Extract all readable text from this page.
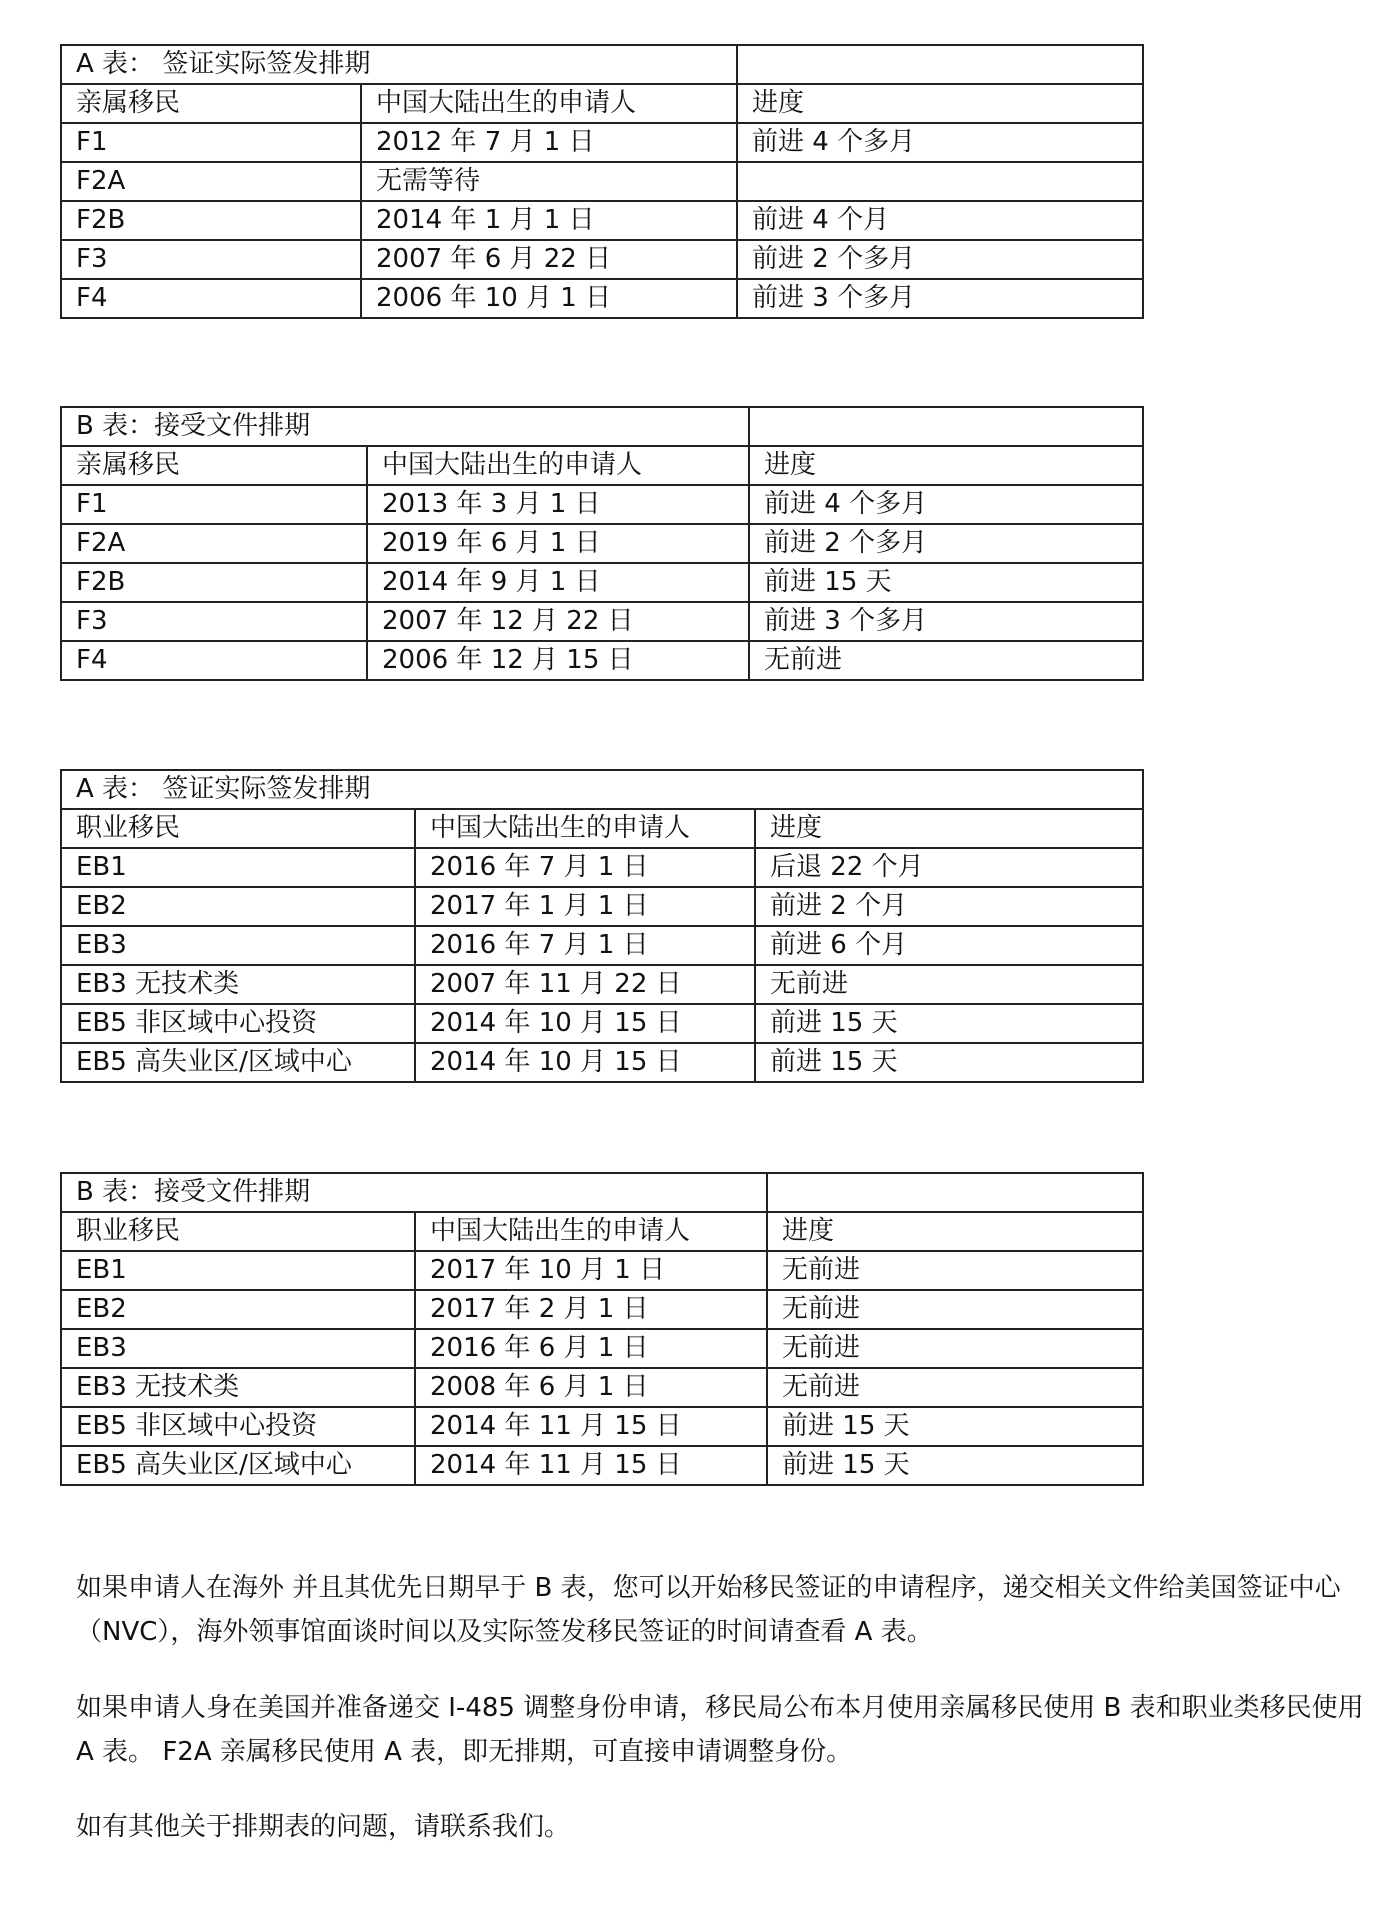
A 表： 签证实际签发排期		
亲属移民	中国大陆出生的申请人	进度
F1	2012 年 7 月 1 日	前进 4 个多月
F2A	无需等待	
F2B	2014 年 1 月 1 日	前进 4 个月
F3	2007 年 6 月 22 日	前进 2 个多月
F4	2006 年 10 月 1 日	前进 3 个多月
B 表：接受文件排期		
亲属移民	中国大陆出生的申请人	进度
F1	2013 年 3 月 1 日	前进 4 个多月
F2A	2019 年 6 月 1 日	前进 2 个多月
F2B	2014 年 9 月 1 日	前进 15 天
F3	2007 年 12 月 22 日	前进 3 个多月
F4	2006 年 12 月 15 日	无前进
A 表： 签证实际签发排期		
职业移民	中国大陆出生的申请人	进度
EB1	2016 年 7 月 1 日	后退 22 个月
EB2	2017 年 1 月 1 日	前进 2 个月
EB3	2016 年 7 月 1 日	前进 6 个月
EB3 无技术类	2007 年 11 月 22 日	无前进
EB5 非区域中心投资	2014 年 10 月 15 日	前进 15 天
EB5 高失业区/区域中心	2014 年 10 月 15 日	前进 15 天
B 表：接受文件排期		
职业移民	中国大陆出生的申请人	进度
EB1	2017 年 10 月 1 日	无前进
EB2	2017 年 2 月 1 日	无前进
EB3	2016 年 6 月 1 日	无前进
EB3 无技术类	2008 年 6 月 1 日	无前进
EB5 非区域中心投资	2014 年 11 月 15 日	前进 15 天
EB5 高失业区/区域中心	2014 年 11 月 15 日	前进 15 天

如果申请人在海外 并且其优先日期早于 B 表，您可以开始移民签证的申请程序，递交相关文件给美国签证中心（NVC），海外领事馆面谈时间以及实际签发移民签证的时间请查看 A 表。

如果申请人身在美国并准备递交 I-485 调整身份申请，移民局公布本月使用亲属移民使用 B 表和职业类移民使用 A 表。 F2A 亲属移民使用 A 表，即无排期，可直接申请调整身份。

如有其他关于排期表的问题，请联系我们。
